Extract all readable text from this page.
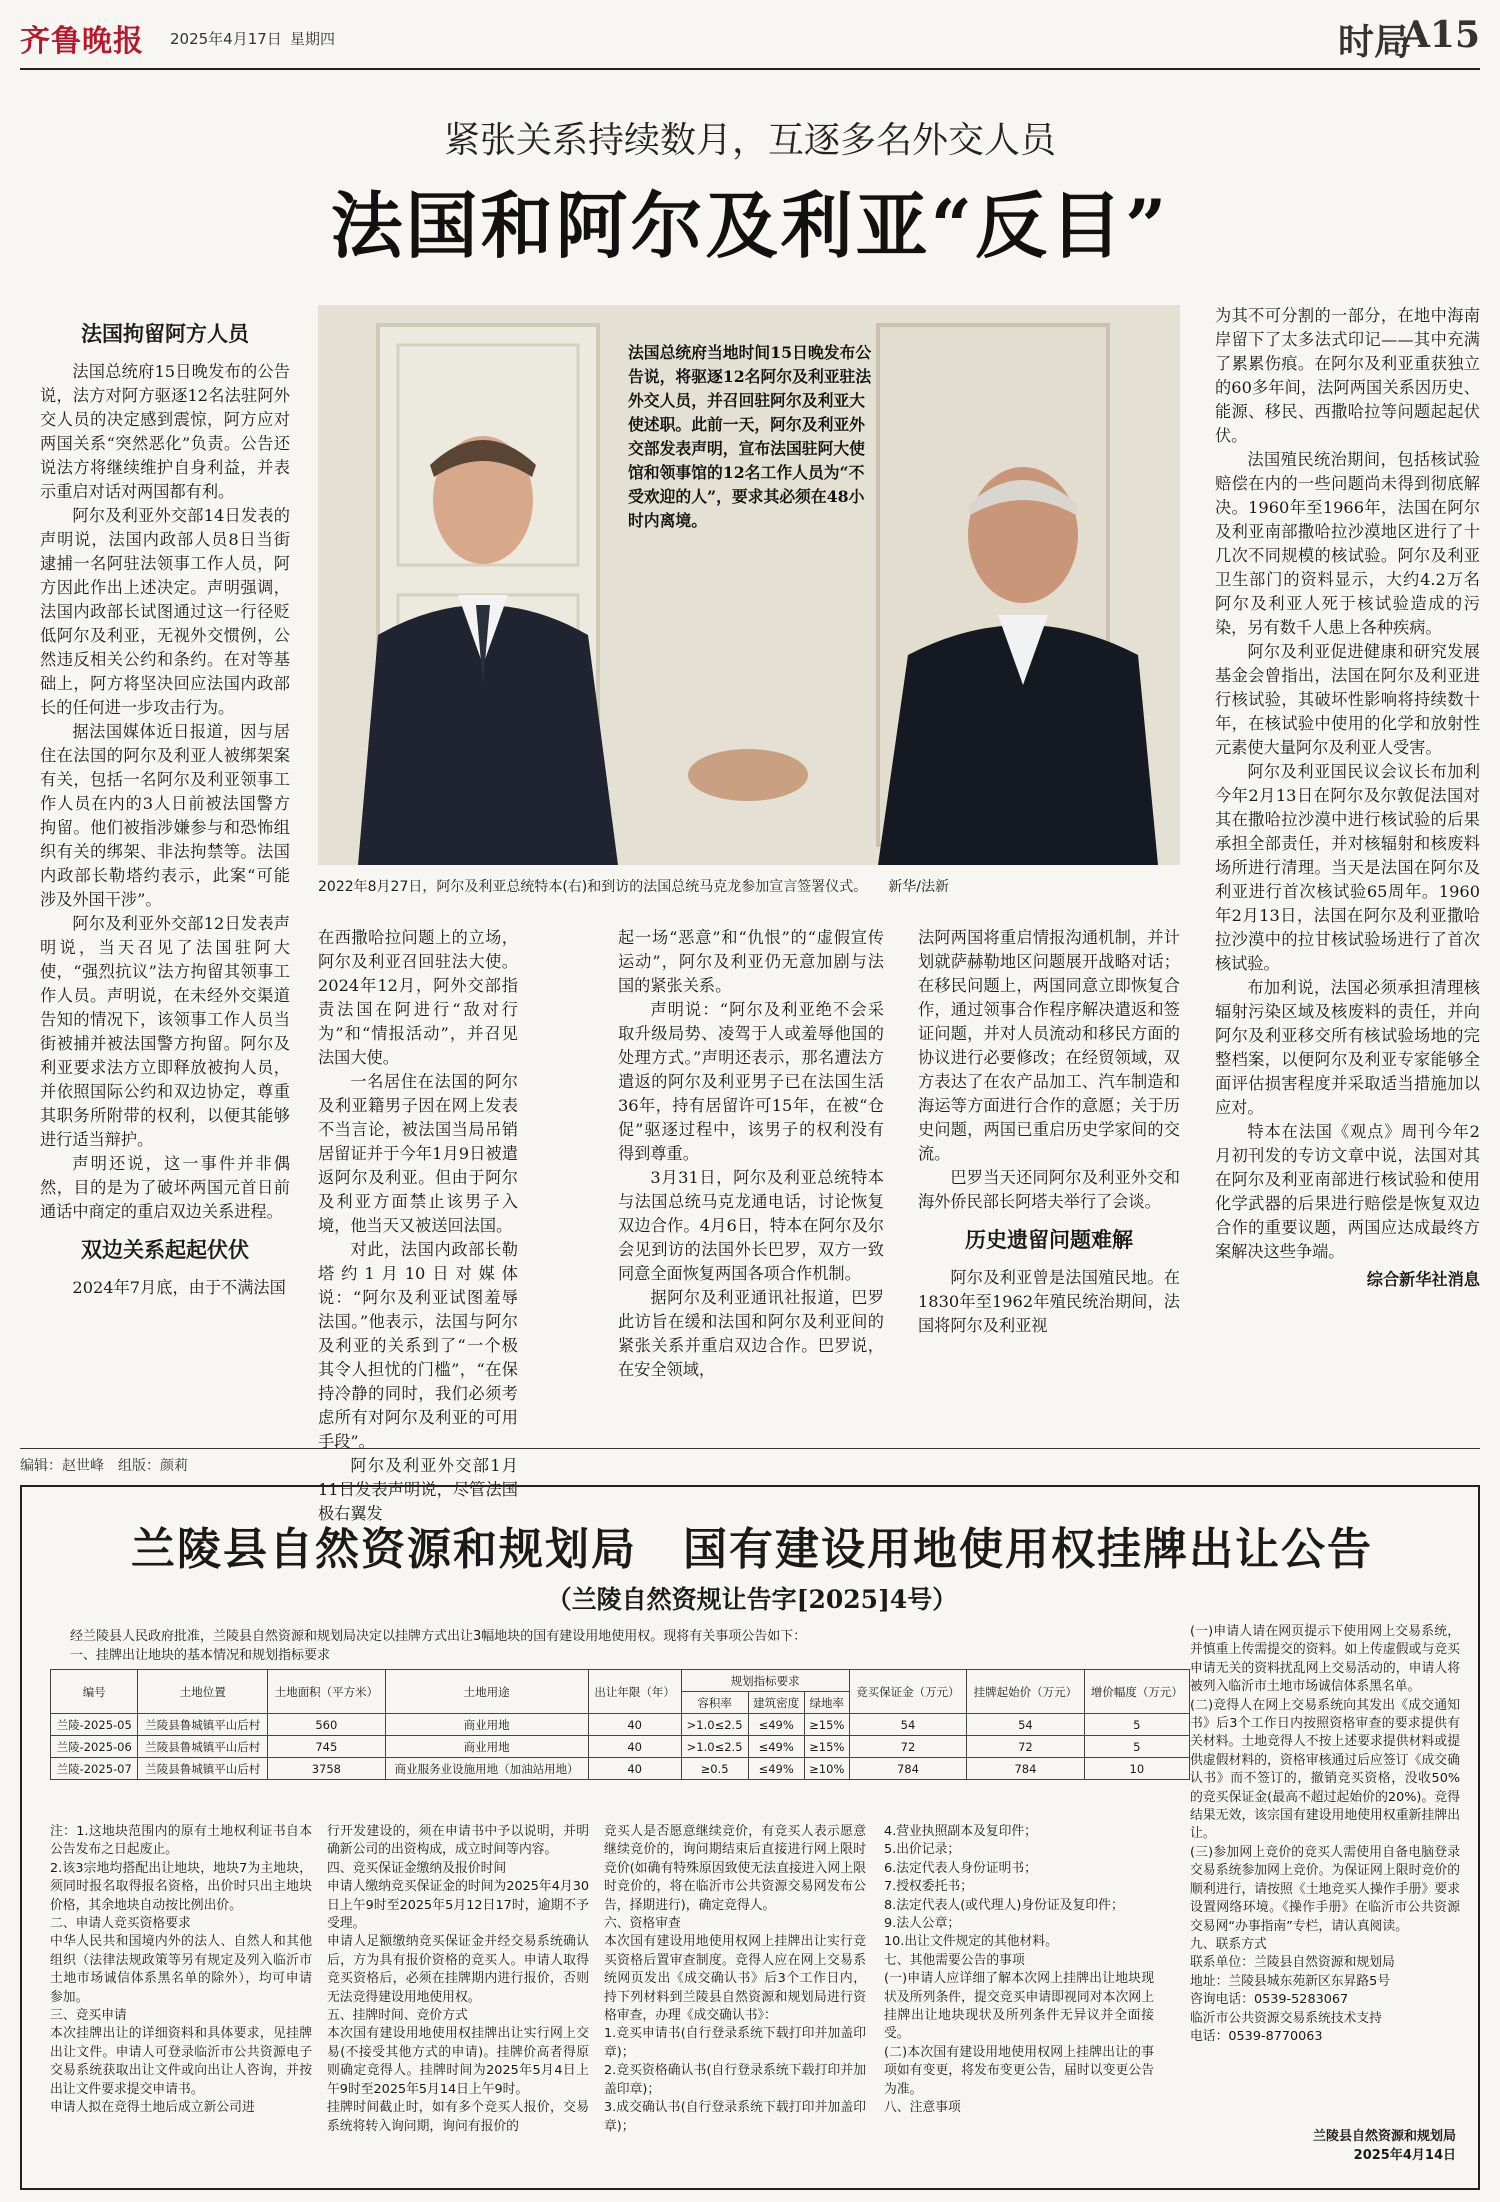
齐鲁晚报 2025年4月17日 星期四	时局
A15
紧张关系持续数月，互逐多名外交人员
法国和阿尔及利亚“反目”
法国拘留阿方人员

法国总统府15日晚发布的公告说，法方对阿方驱逐12名法驻阿外交人员的决定感到震惊，阿方应对两国关系“突然恶化”负责。公告还说法方将继续维护自身利益，并表示重启对话对两国都有利。

阿尔及利亚外交部14日发表的声明说，法国内政部人员8日当街逮捕一名阿驻法领事工作人员，阿方因此作出上述决定。声明强调，法国内政部长试图通过这一行径贬低阿尔及利亚，无视外交惯例，公然违反相关公约和条约。在对等基础上，阿方将坚决回应法国内政部长的任何进一步攻击行为。

据法国媒体近日报道，因与居住在法国的阿尔及利亚人被绑架案有关，包括一名阿尔及利亚领事工作人员在内的3人日前被法国警方拘留。他们被指涉嫌参与和恐怖组织有关的绑架、非法拘禁等。法国内政部长勒塔约表示，此案“可能涉及外国干涉”。

阿尔及利亚外交部12日发表声明说，当天召见了法国驻阿大使，“强烈抗议”法方拘留其领事工作人员。声明说，在未经外交渠道告知的情况下，该领事工作人员当街被捕并被法国警方拘留。阿尔及利亚要求法方立即释放被拘人员，并依照国际公约和双边协定，尊重其职务所附带的权利，以便其能够进行适当辩护。

声明还说，这一事件并非偶然，目的是为了破坏两国元首日前通话中商定的重启双边关系进程。

双边关系起起伏伏

2024年7月底，由于不满法国

法国总统府当地时间15日晚发布公告说，将驱逐12名阿尔及利亚驻法外交人员，并召回驻阿尔及利亚大使述职。此前一天，阿尔及利亚外交部发表声明，宣布法国驻阿大使馆和领事馆的12名工作人员为“不受欢迎的人”，要求其必须在48小时内离境。
2022年8月27日，阿尔及利亚总统特本(右)和到访的法国总统马克龙参加宣言签署仪式。　　新华/法新

在西撒哈拉问题上的立场，阿尔及利亚召回驻法大使。2024年12月，阿外交部指责法国在阿进行“敌对行为”和“情报活动”，并召见法国大使。

一名居住在法国的阿尔及利亚籍男子因在网上发表不当言论，被法国当局吊销居留证并于今年1月9日被遣返阿尔及利亚。但由于阿尔及利亚方面禁止该男子入境，他当天又被送回法国。

对此，法国内政部长勒塔约1月10日对媒体说：“阿尔及利亚试图羞辱法国。”他表示，法国与阿尔及利亚的关系到了“一个极其令人担忧的门槛”，“在保持冷静的同时，我们必须考虑所有对阿尔及利亚的可用手段”。

阿尔及利亚外交部1月11日发表声明说，尽管法国极右翼发

起一场“恶意”和“仇恨”的“虚假宣传运动”，阿尔及利亚仍无意加剧与法国的紧张关系。

声明说：“阿尔及利亚绝不会采取升级局势、凌驾于人或羞辱他国的处理方式。”声明还表示，那名遭法方遣返的阿尔及利亚男子已在法国生活36年，持有居留许可15年，在被“仓促”驱逐过程中，该男子的权利没有得到尊重。

3月31日，阿尔及利亚总统特本与法国总统马克龙通电话，讨论恢复双边合作。4月6日，特本在阿尔及尔会见到访的法国外长巴罗，双方一致同意全面恢复两国各项合作机制。

据阿尔及利亚通讯社报道，巴罗此访旨在缓和法国和阿尔及利亚间的紧张关系并重启双边合作。巴罗说，在安全领域，

法阿两国将重启情报沟通机制，并计划就萨赫勒地区问题展开战略对话；在移民问题上，两国同意立即恢复合作，通过领事合作程序解决遣返和签证问题，并对人员流动和移民方面的协议进行必要修改；在经贸领域，双方表达了在农产品加工、汽车制造和海运等方面进行合作的意愿；关于历史问题，两国已重启历史学家间的交流。

巴罗当天还同阿尔及利亚外交和海外侨民部长阿塔夫举行了会谈。

历史遗留问题难解

阿尔及利亚曾是法国殖民地。在1830年至1962年殖民统治期间，法国将阿尔及利亚视

为其不可分割的一部分，在地中海南岸留下了太多法式印记——其中充满了累累伤痕。在阿尔及利亚重获独立的60多年间，法阿两国关系因历史、能源、移民、西撒哈拉等问题起起伏伏。

法国殖民统治期间，包括核试验赔偿在内的一些问题尚未得到彻底解决。1960年至1966年，法国在阿尔及利亚南部撒哈拉沙漠地区进行了十几次不同规模的核试验。阿尔及利亚卫生部门的资料显示，大约4.2万名阿尔及利亚人死于核试验造成的污染，另有数千人患上各种疾病。

阿尔及利亚促进健康和研究发展基金会曾指出，法国在阿尔及利亚进行核试验，其破坏性影响将持续数十年，在核试验中使用的化学和放射性元素使大量阿尔及利亚人受害。

阿尔及利亚国民议会议长布加利今年2月13日在阿尔及尔敦促法国对其在撒哈拉沙漠中进行核试验的后果承担全部责任，并对核辐射和核废料场所进行清理。当天是法国在阿尔及利亚进行首次核试验65周年。1960年2月13日，法国在阿尔及利亚撒哈拉沙漠中的拉甘核试验场进行了首次核试验。

布加利说，法国必须承担清理核辐射污染区域及核废料的责任，并向阿尔及利亚移交所有核试验场地的完整档案，以便阿尔及利亚专家能够全面评估损害程度并采取适当措施加以应对。

特本在法国《观点》周刊今年2月初刊发的专访文章中说，法国对其在阿尔及利亚南部进行核试验和使用化学武器的后果进行赔偿是恢复双边合作的重要议题，两国应达成最终方案解决这些争端。

综合新华社消息
编辑：赵世峰　组版：颜莉
兰陵县自然资源和规划局　国有建设用地使用权挂牌出让公告
（兰陵自然资规让告字[2025]4号）
经兰陵县人民政府批准，兰陵县自然资源和规划局决定以挂牌方式出让3幅地块的国有建设用地使用权。现将有关事项公告如下：
一、挂牌出让地块的基本情况和规划指标要求
编号	土地位置	土地面积（平方米）	土地用途	出让年限（年）	规划指标要求			竞买保证金（万元）	挂牌起始价（万元）	增价幅度（万元）
					容积率	建筑密度	绿地率			
兰陵-2025-05	兰陵县鲁城镇平山后村	560	商业用地	40	>1.0≤2.5	≤49%	≥15%	54	54	5
兰陵-2025-06	兰陵县鲁城镇平山后村	745	商业用地	40	>1.0≤2.5	≤49%	≥15%	72	72	5
兰陵-2025-07	兰陵县鲁城镇平山后村	3758	商业服务业设施用地（加油站用地）	40	≥0.5	≤49%	≥10%	784	784	10
注：1.这地块范围内的原有土地权利证书自本公告发布之日起废止。
2.该3宗地均搭配出让地块，地块7为主地块，须同时报名取得报名资格，出价时只出主地块价格，其余地块自动按比例出价。
二、申请人竞买资格要求
中华人民共和国境内外的法人、自然人和其他组织（法律法规政策等另有规定及列入临沂市土地市场诚信体系黑名单的除外），均可申请参加。
三、竞买申请
本次挂牌出让的详细资料和具体要求，见挂牌出让文件。申请人可登录临沂市公共资源电子交易系统获取出让文件或向出让人咨询，并按出让文件要求提交申请书。
申请人拟在竞得土地后成立新公司进
行开发建设的，须在申请书中予以说明，并明确新公司的出资构成，成立时间等内容。
四、竞买保证金缴纳及报价时间
申请人缴纳竞买保证金的时间为2025年4月30日上午9时至2025年5月12日17时，逾期不予受理。
申请人足额缴纳竞买保证金并经交易系统确认后，方为具有报价资格的竞买人。申请人取得竞买资格后，必须在挂牌期内进行报价，否则无法竞得建设用地使用权。
五、挂牌时间、竞价方式
本次国有建设用地使用权挂牌出让实行网上交易(不接受其他方式的申请)。挂牌价高者得原则确定竞得人。挂牌时间为2025年5月4日上午9时至2025年5月14日上午9时。
挂牌时间截止时，如有多个竞买人报价，交易系统将转入询问期，询问有报价的
竞买人是否愿意继续竞价，有竞买人表示愿意继续竞价的，询问期结束后直接进行网上限时竞价(如确有特殊原因致使无法直接进入网上限时竞价的，将在临沂市公共资源交易网发布公告，择期进行)，确定竞得人。
六、资格审查
本次国有建设用地使用权网上挂牌出让实行竞买资格后置审查制度。竞得人应在网上交易系统网页发出《成交确认书》后3个工作日内，持下列材料到兰陵县自然资源和规划局进行资格审查，办理《成交确认书》：
1.竞买申请书(自行登录系统下载打印并加盖印章)；
2.竞买资格确认书(自行登录系统下载打印并加盖印章)；
3.成交确认书(自行登录系统下载打印并加盖印章)；
4.营业执照副本及复印件；
5.出价记录；
6.法定代表人身份证明书；
7.授权委托书；
8.法定代表人(或代理人)身份证及复印件；
9.法人公章；
10.出让文件规定的其他材料。
七、其他需要公告的事项
(一)申请人应详细了解本次网上挂牌出让地块现状及所列条件，提交竞买申请即视同对本次网上挂牌出让地块现状及所列条件无异议并全面接受。
(二)本次国有建设用地使用权网上挂牌出让的事项如有变更，将发布变更公告，届时以变更公告为准。
八、注意事项
(一)申请人请在网页提示下使用网上交易系统，并慎重上传需提交的资料。如上传虚假或与竞买申请无关的资料扰乱网上交易活动的，申请人将被列入临沂市土地市场诚信体系黑名单。
(二)竞得人在网上交易系统向其发出《成交通知书》后3个工作日内按照资格审查的要求提供有关材料。土地竞得人不按上述要求提供材料或提供虚假材料的，资格审核通过后应签订《成交确认书》而不签订的，撤销竞买资格，没收50%的竞买保证金(最高不超过起始价的20%)。竞得结果无效，该宗国有建设用地使用权重新挂牌出让。
(三)参加网上竞价的竞买人需使用自备电脑登录交易系统参加网上竞价。为保证网上限时竞价的顺利进行，请按照《土地竞买人操作手册》要求设置网络环境。《操作手册》在临沂市公共资源交易网“办事指南”专栏，请认真阅读。
九、联系方式
联系单位：兰陵县自然资源和规划局
地址：兰陵县城东苑新区东昇路5号
咨询电话：0539-5283067
临沂市公共资源交易系统技术支持
电话：0539-8770063
兰陵县自然资源和规划局
2025年4月14日
